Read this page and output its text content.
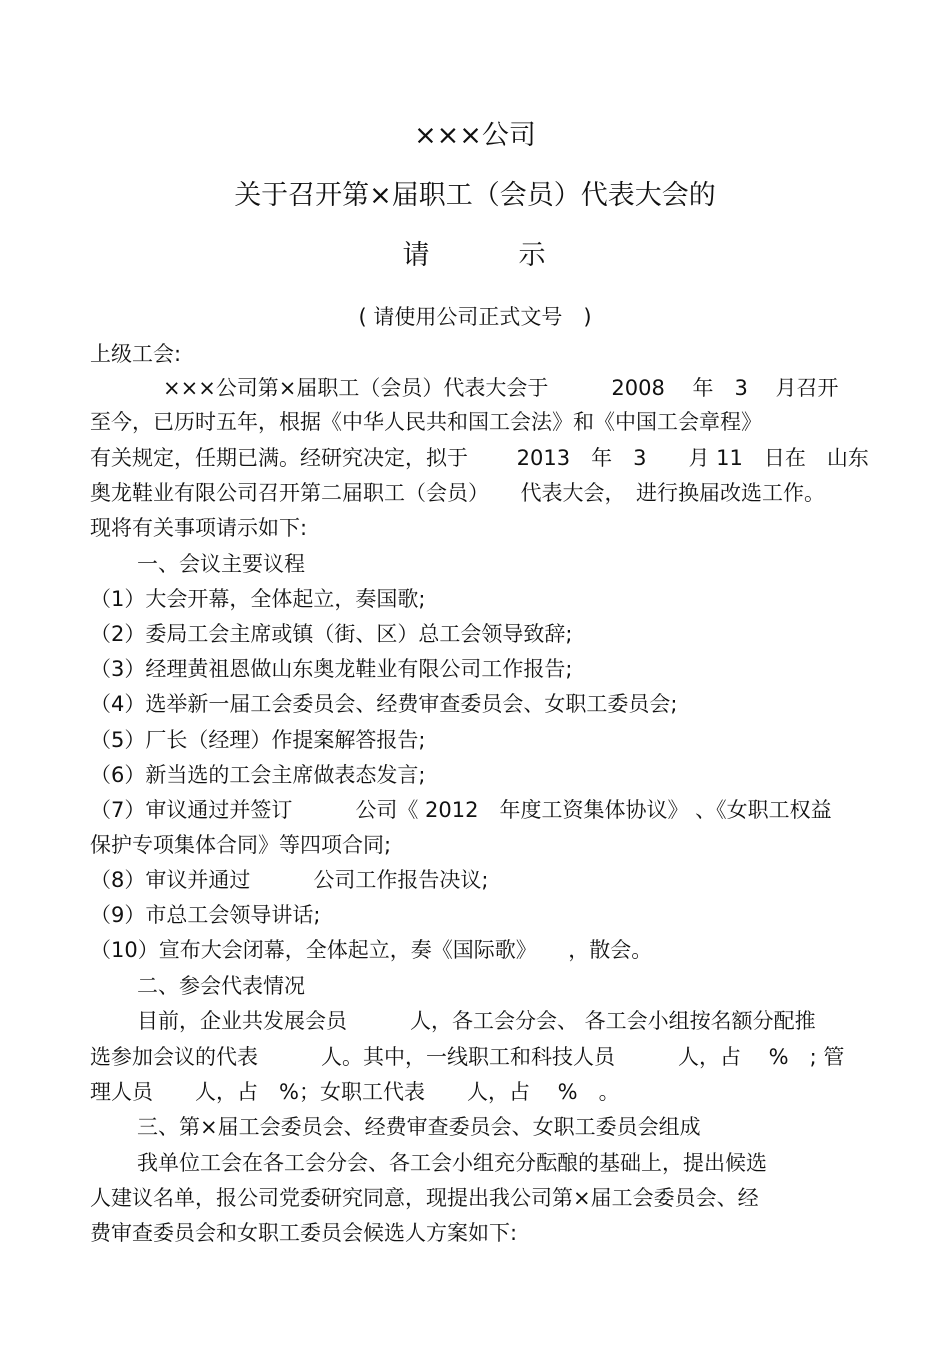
×××公司
关于召开第×届职工（会员）代表大会的
请　　　示
( 请使用公司正式文号　)
上级工会:
×××公司第×届职工（会员）代表大会于　　　2008　 年　3　 月召开
至今，已历时五年，根据《中华人民共和国工会法》和《中国工会章程》
有关规定，任期已满。经研究决定，拟于　　 2013　年　3　　月 11　日在　山东
奥龙鞋业有限公司召开第二届职工（会员）　　代表大会，　进行换届改选工作。
现将有关事项请示如下:
一、会议主要议程
（1）大会开幕，全体起立，奏国歌;
（2）委局工会主席或镇（街、区）总工会领导致辞;
（3）经理黄祖恩做山东奥龙鞋业有限公司工作报告;
（4）选举新一届工会委员会、经费审查委员会、女职工委员会;
（5）厂长（经理）作提案解答报告;
（6）新当选的工会主席做表态发言;
（7）审议通过并签订　　　公司《 2012　年度工资集体协议》 、《女职工权益
保护专项集体合同》等四项合同;
（8）审议并通过　　　公司工作报告决议;
（9）市总工会领导讲话;
（10）宣布大会闭幕，全体起立，奏《国际歌》　　，散会。
二、参会代表情况
目前，企业共发展会员　　　人，各工会分会、 各工会小组按名额分配推
选参加会议的代表　　　人。其中，一线职工和科技人员　　　人，占　 %　; 管
理人员　　人，占　%；女职工代表　　人，占　 %　。
三、第×届工会委员会、经费审查委员会、女职工委员会组成
我单位工会在各工会分会、各工会小组充分酝酿的基础上，提出候选
人建议名单，报公司党委研究同意，现提出我公司第×届工会委员会、经
费审查委员会和女职工委员会候选人方案如下:
